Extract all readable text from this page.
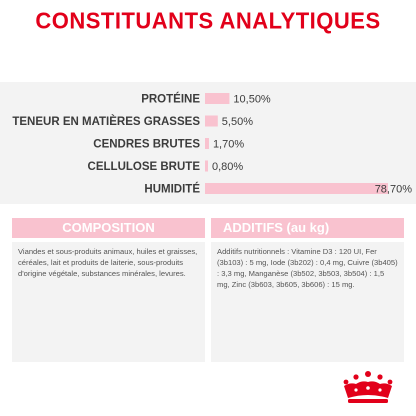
CONSTITUANTS ANALYTIQUES
PROTÉINE	10,50%
TENEUR EN MATIÈRES GRASSES 5,50%
CENDRES BRUTES 1,70%
CELLULOSE BRUTE 0,80%
HUMIDITÉ	78,70%
COMPOSITION	ADDITIFS (au kg)
Viandes et sous-produits animaux, huiles et graisses, céréales, lait et produits de laiterie, sous-produits d'origine végétale, substances minérales, levures.
Additifs nutritionnels : Vitamine D3 : 120 UI, Fer (3b103) : 5 mg, Iode (3b202) : 0,4 mg, Cuivre (3b405) : 3,3 mg, Manganèse (3b502, 3b503, 3b504) : 1,5 mg, Zinc (3b603, 3b605, 3b606) : 15 mg.
